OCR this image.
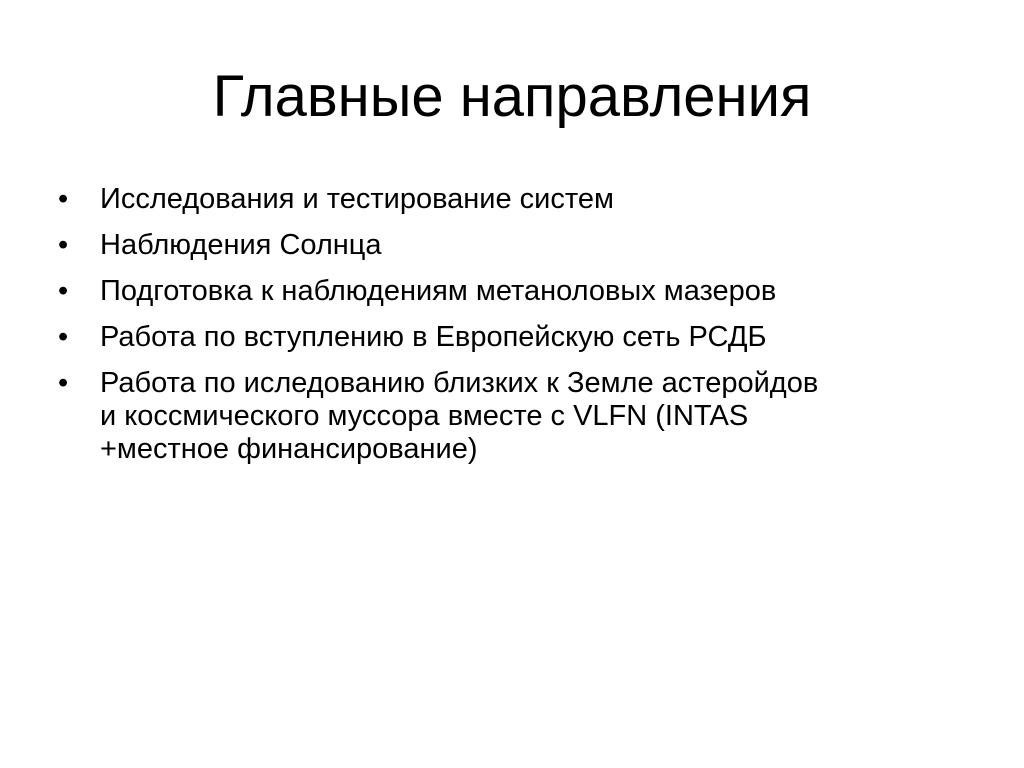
Главные направления
•	Исследования и тестирование систем
•	Наблюдения Солнца
•	Подготовка к наблюдениям метаноловых мазеров
•	Работа по вступлению в Европейскую сеть РСДБ
•	Работа по иследованию близких к Земле астеройдов
и коссмического муссора вместе с VLFN (INTAS
+местное финансирование)
